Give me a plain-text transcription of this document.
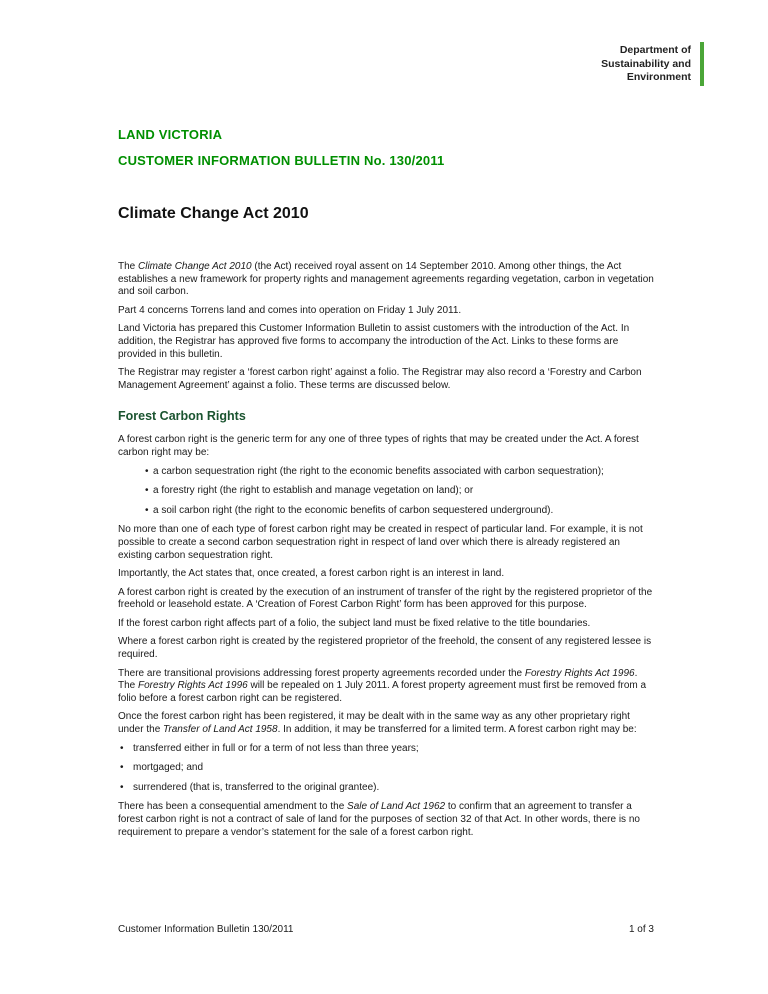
Department of
Sustainability and
Environment
LAND VICTORIA
CUSTOMER INFORMATION BULLETIN No. 130/2011
Climate Change Act 2010

The Climate Change Act 2010 (the Act) received royal assent on 14 September 2010. Among other things, the Act establishes a new framework for property rights and management agreements regarding vegetation, carbon in vegetation and soil carbon.

Part 4 concerns Torrens land and comes into operation on Friday 1 July 2011.

Land Victoria has prepared this Customer Information Bulletin to assist customers with the introduction of the Act. In addition, the Registrar has approved five forms to accompany the introduction of the Act. Links to these forms are provided in this bulletin.

The Registrar may register a ‘forest carbon right’ against a folio. The Registrar may also record a ‘Forestry and Carbon Management Agreement’ against a folio. These terms are discussed below.

Forest Carbon Rights

A forest carbon right is the generic term for any one of three types of rights that may be created under the Act. A forest carbon right may be:

• a carbon sequestration right (the right to the economic benefits associated with carbon sequestration);
• a forestry right (the right to establish and manage vegetation on land); or
• a soil carbon right (the right to the economic benefits of carbon sequestered underground).

No more than one of each type of forest carbon right may be created in respect of particular land. For example, it is not possible to create a second carbon sequestration right in respect of land over which there is already registered an existing carbon sequestration right.

Importantly, the Act states that, once created, a forest carbon right is an interest in land.

A forest carbon right is created by the execution of an instrument of transfer of the right by the registered proprietor of the freehold or leasehold estate. A ‘Creation of Forest Carbon Right’ form has been approved for this purpose.

If the forest carbon right affects part of a folio, the subject land must be fixed relative to the title boundaries.

Where a forest carbon right is created by the registered proprietor of the freehold, the consent of any registered lessee is required.

There are transitional provisions addressing forest property agreements recorded under the Forestry Rights Act 1996. The Forestry Rights Act 1996 will be repealed on 1 July 2011. A forest property agreement must first be removed from a folio before a forest carbon right can be registered.

Once the forest carbon right has been registered, it may be dealt with in the same way as any other proprietary right under the Transfer of Land Act 1958. In addition, it may be transferred for a limited term. A forest carbon right may be:

• transferred either in full or for a term of not less than three years;
• mortgaged; and
• surrendered (that is, transferred to the original grantee).

There has been a consequential amendment to the Sale of Land Act 1962 to confirm that an agreement to transfer a forest carbon right is not a contract of sale of land for the purposes of section 32 of that Act. In other words, there is no requirement to prepare a vendor’s statement for the sale of a forest carbon right.

Customer Information Bulletin 130/2011	1 of 3
